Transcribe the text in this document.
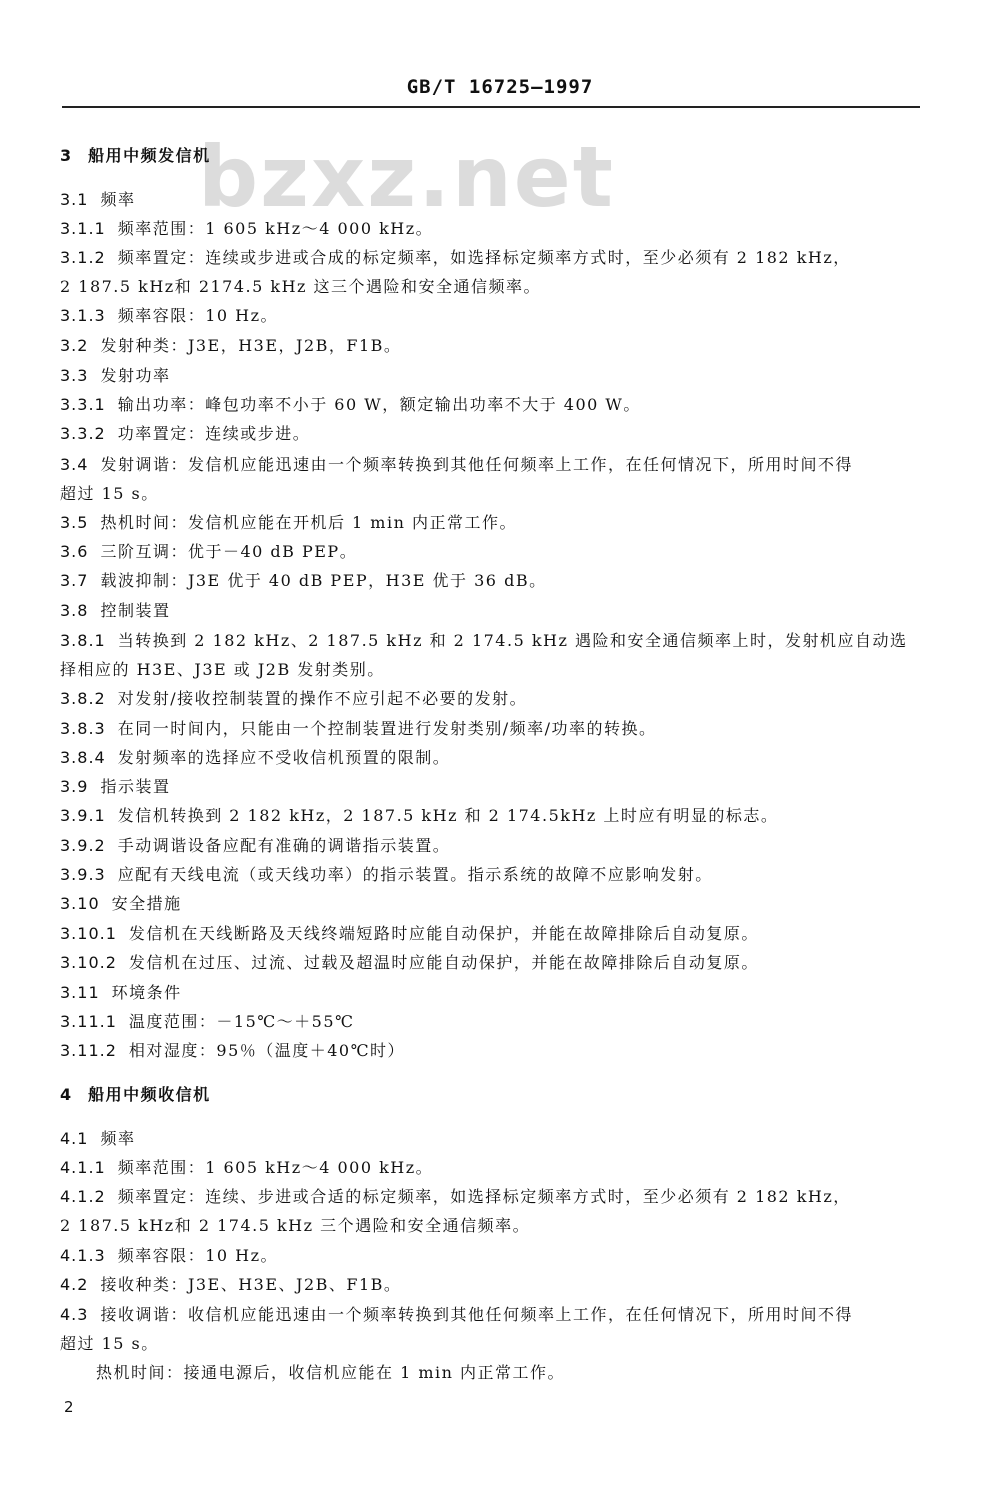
GB/T 16725—1997
bzxz.net
3 船用中频发信机
3.1 频率
3.1.1 频率范围：1 605 kHz～4 000 kHz。
3.1.2 频率置定：连续或步进或合成的标定频率，如选择标定频率方式时，至少必须有 2 182 kHz，
2 187.5 kHz和 2174.5 kHz 这三个遇险和安全通信频率。
3.1.3 频率容限：10 Hz。
3.2 发射种类：J3E，H3E，J2B，F1B。
3.3 发射功率
3.3.1 输出功率：峰包功率不小于 60 W，额定输出功率不大于 400 W。
3.3.2 功率置定：连续或步进。
3.4 发射调谐：发信机应能迅速由一个频率转换到其他任何频率上工作，在任何情况下，所用时间不得
超过 15 s。
3.5 热机时间：发信机应能在开机后 1 min 内正常工作。
3.6 三阶互调：优于－40 dB PEP。
3.7 载波抑制：J3E 优于 40 dB PEP，H3E 优于 36 dB。
3.8 控制装置
3.8.1 当转换到 2 182 kHz、2 187.5 kHz 和 2 174.5 kHz 遇险和安全通信频率上时，发射机应自动选
择相应的 H3E、J3E 或 J2B 发射类别。
3.8.2 对发射/接收控制装置的操作不应引起不必要的发射。
3.8.3 在同一时间内，只能由一个控制装置进行发射类别/频率/功率的转换。
3.8.4 发射频率的选择应不受收信机预置的限制。
3.9 指示装置
3.9.1 发信机转换到 2 182 kHz，2 187.5 kHz 和 2 174.5kHz 上时应有明显的标志。
3.9.2 手动调谐设备应配有准确的调谐指示装置。
3.9.3 应配有天线电流（或天线功率）的指示装置。指示系统的故障不应影响发射。
3.10 安全措施
3.10.1 发信机在天线断路及天线终端短路时应能自动保护，并能在故障排除后自动复原。
3.10.2 发信机在过压、过流、过载及超温时应能自动保护，并能在故障排除后自动复原。
3.11 环境条件
3.11.1 温度范围：－15℃～＋55℃
3.11.2 相对湿度：95％（温度＋40℃时）
4 船用中频收信机
4.1 频率
4.1.1 频率范围：1 605 kHz～4 000 kHz。
4.1.2 频率置定：连续、步进或合适的标定频率，如选择标定频率方式时，至少必须有 2 182 kHz，
2 187.5 kHz和 2 174.5 kHz 三个遇险和安全通信频率。
4.1.3 频率容限：10 Hz。
4.2 接收种类：J3E、H3E、J2B、F1B。
4.3 接收调谐：收信机应能迅速由一个频率转换到其他任何频率上工作，在任何情况下，所用时间不得
超过 15 s。
热机时间：接通电源后，收信机应能在 1 min 内正常工作。
2
